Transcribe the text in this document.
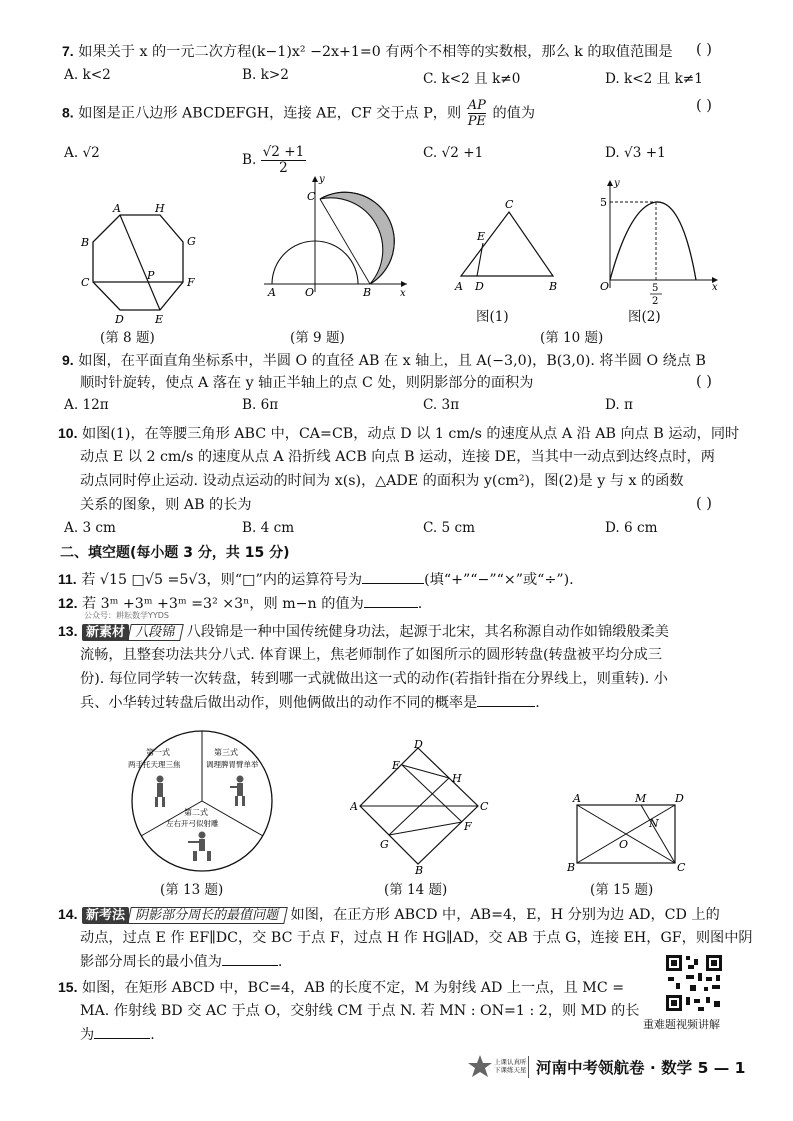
7. 如果关于 x 的一元二次方程(k−1)x² −2x+1=0 有两个不相等的实数根，那么 k 的取值范围是 ( )
A. k<2	B. k>2	C. k<2 且 k≠0	D. k<2 且 k≠1
8. 如图是正八边形 ABCDEFGH，连接 AE，CF 交于点 P，则 $\frac{AP}{PE}$ 的值为	( )
A. √2	B. $\frac{√2 +1}{2}$	C. √2 +1	D. √3 +1
A	H
G
F
E
D
C
B
P
(第 8 题)
y
C
A	O	B	x
(第 9 题)
C
E
A D	B
图(1)
y
5
O	5
2
x
图(2)
(第 10 题)
9. 如图，在平面直角坐标系中，半圆 O 的直径 AB 在 x 轴上，且 A(−3,0)，B(3,0). 将半圆 O 绕点 B
顺时针旋转，使点 A 落在 y 轴正半轴上的点 C 处，则阴影部分的面积为	( )
A. 12π	B. 6π	C. 3π	D. π
10. 如图(1)，在等腰三角形 ABC 中，CA=CB，动点 D 以 1 cm/s 的速度从点 A 沿 AB 向点 B 运动，同时
动点 E 以 2 cm/s 的速度从点 A 沿折线 ACB 向点 B 运动，连接 DE，当其中一动点到达终点时，两
动点同时停止运动. 设动点运动的时间为 x(s)，△ADE 的面积为 y(cm²)，图(2)是 y 与 x 的函数
关系的图象，则 AB 的长为	( )
A. 3 cm	B. 4 cm	C. 5 cm	D. 6 cm
二、填空题(每小题 3 分，共 15 分)
11. 若 √15 □√5 =5√3，则“□”内的运算符号为	(填“+”“−”“×”或“÷”).
12. 若 3ᵐ +3ᵐ +3ᵐ =3² ×3ⁿ，则 m−n 的值为	.
公众号：耕耘数学YYDS
13. 新素材 八段锦 八段锦是一种中国传统健身功法，起源于北宋，其名称源自动作如锦缎般柔美
流畅，且整套功法共分八式. 体育课上，焦老师制作了如图所示的圆形转盘(转盘被平均分成三
份). 每位同学转一次转盘，转到哪一式就做出这一式的动作(若指针指在分界线上，则重转). 小
兵、小华转过转盘后做出动作，则他俩做出的动作不同的概率是	.
第一式
两手托天理三焦
第三式
调理脾胃臂单举
第二式
左右开弓似射雕
(第 13 题)
D
E
H
A	C
G
F
B
(第 14 题)
A	M	D
N
O
B	C
(第 15 题)
14. 新考法 阴影部分周长的最值问题 如图，在正方形 ABCD 中，AB=4，E，H 分别为边 AD，CD 上的
动点，过点 E 作 EF∥DC，交 BC 于点 F，过点 H 作 HG∥AD，交 AB 于点 G，连接 EH，GF，则图中阴
影部分周长的最小值为	.
15. 如图，在矩形 ABCD 中，BC=4，AB 的长度不定，M 为射线 AD 上一点，且 MC =
MA. 作射线 BD 交 AC 于点 O，交射线 CM 于点 N. 若 MN : ON=1 : 2，则 MD 的长
为	.
重难题视频讲解
上课认真听
下课练天星 河南中考领航卷 · 数学 5 — 1
